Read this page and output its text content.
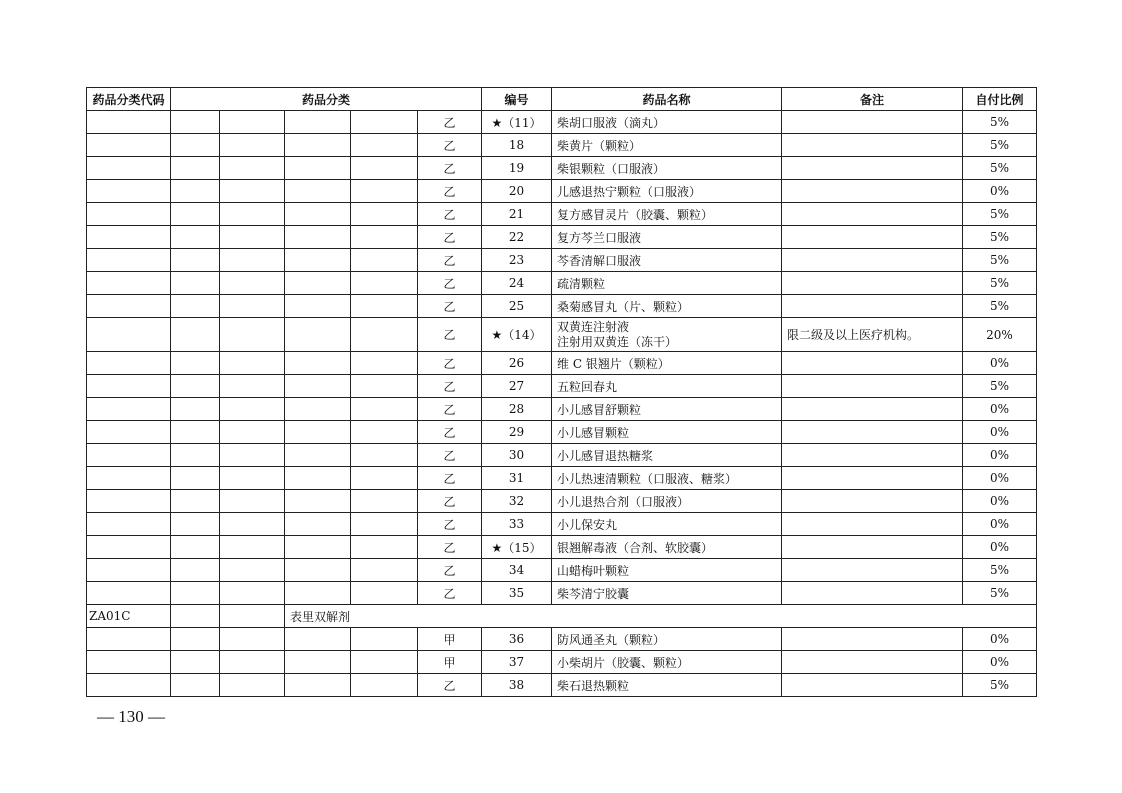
药品分类代码	药品分类					编号	药品名称	备注	自付比例
					乙	★（11）	柴胡口服液（滴丸）		5%
					乙	18	柴黄片（颗粒）		5%
					乙	19	柴银颗粒（口服液）		5%
					乙	20	儿感退热宁颗粒（口服液）		0%
					乙	21	复方感冒灵片（胶囊、颗粒）		5%
					乙	22	复方芩兰口服液		5%
					乙	23	芩香清解口服液		5%
					乙	24	疏清颗粒		5%
					乙	25	桑菊感冒丸（片、颗粒）		5%
					乙	★（14）	双黄连注射液
注射用双黄连（冻干）	限二级及以上医疗机构。	20%
					乙	26	维 C 银翘片（颗粒）		0%
					乙	27	五粒回春丸		5%
					乙	28	小儿感冒舒颗粒		0%
					乙	29	小儿感冒颗粒		0%
					乙	30	小儿感冒退热糖浆		0%
					乙	31	小儿热速清颗粒（口服液、糖浆）		0%
					乙	32	小儿退热合剂（口服液）		0%
					乙	33	小儿保安丸		0%
					乙	★（15）	银翘解毒液（合剂、软胶囊）		0%
					乙	34	山蜡梅叶颗粒		5%
					乙	35	柴芩清宁胶囊		5%
ZA01C			表里双解剂						
					甲	36	防风通圣丸（颗粒）		0%
					甲	37	小柴胡片（胶囊、颗粒）		0%
					乙	38	柴石退热颗粒		5%
— 130 —
